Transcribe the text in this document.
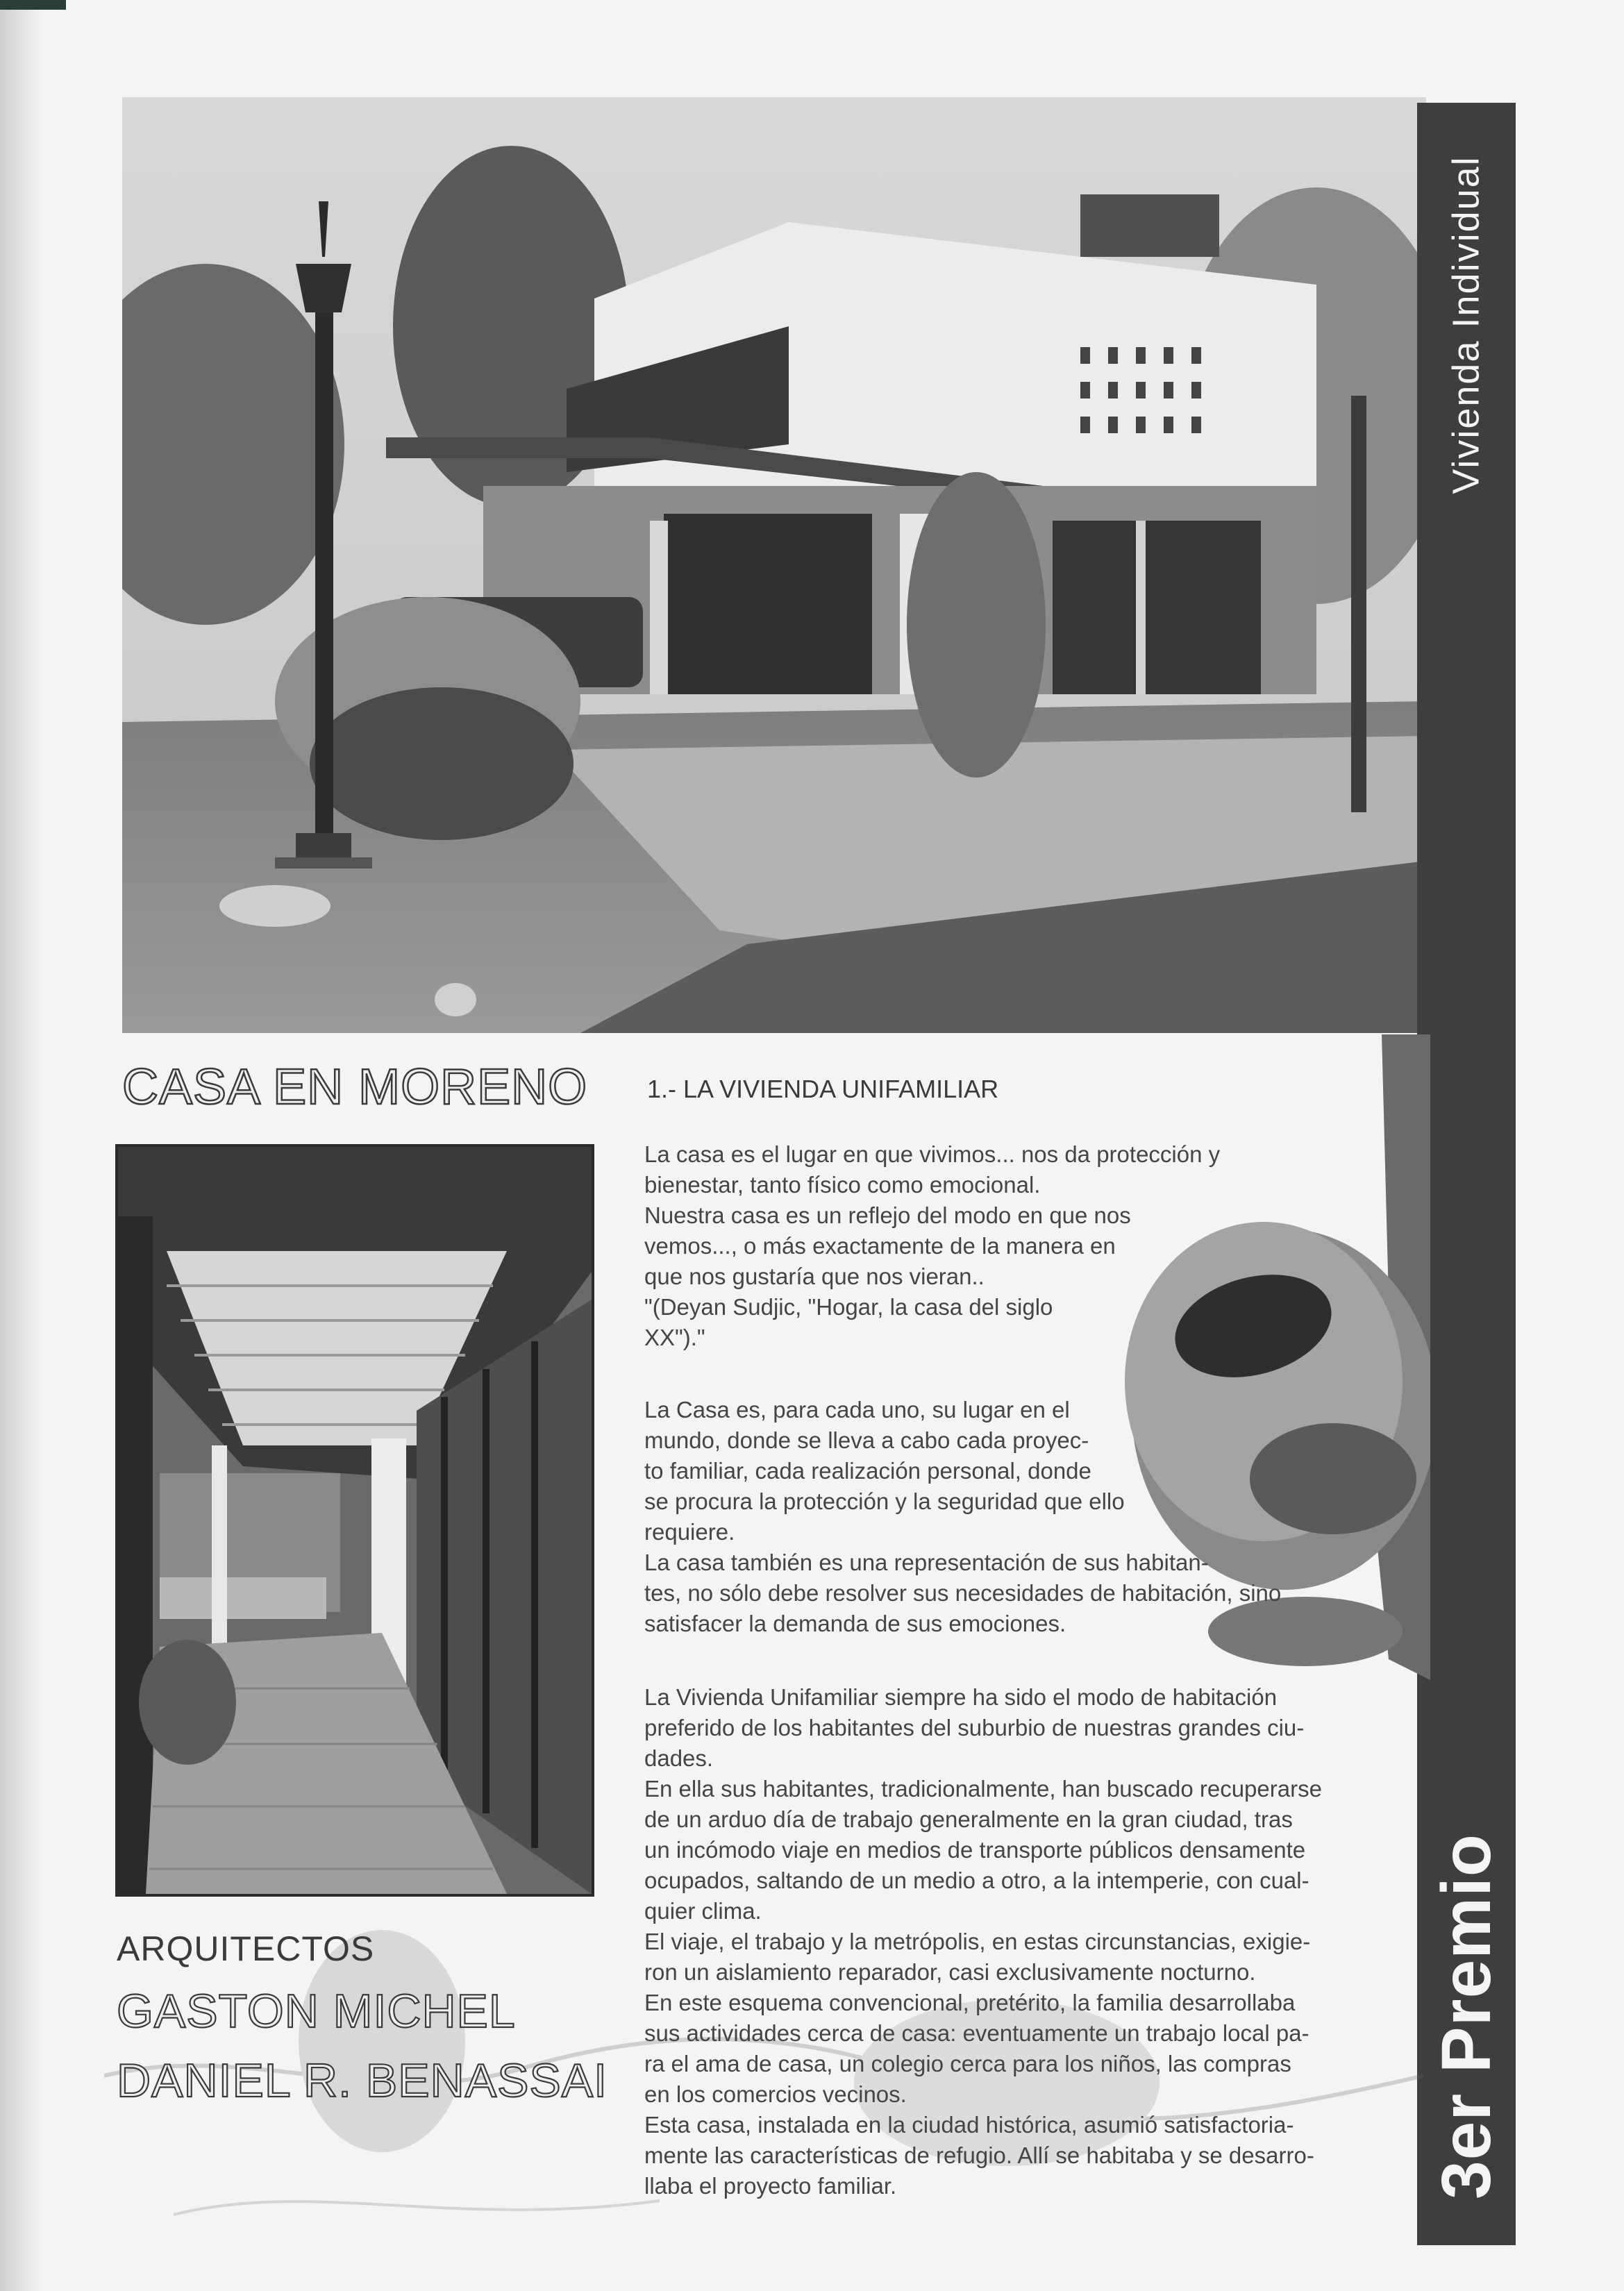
Vivienda Individual
3er Premio
CASA EN MORENO
ARQUITECTOS
GASTON MICHEL
DANIEL R. BENASSAI
1.- LA VIVIENDA UNIFAMILIAR
La casa es el lugar en que vivimos... nos da protección y
bienestar, tanto físico como emocional.
Nuestra casa es un reflejo del modo en que nos
vemos..., o más exactamente de la manera en
que nos gustaría que nos vieran..
"(Deyan Sudjic, "Hogar, la casa del siglo
XX")."
La Casa es, para cada uno, su lugar en el
mundo, donde se lleva a cabo cada proyec-
to familiar, cada realización personal, donde
se procura la protección y la seguridad que ello
requiere.
La casa también es una representación de sus habitan-
tes, no sólo debe resolver sus necesidades de habitación, sino
satisfacer la demanda de sus emociones.
La Vivienda Unifamiliar siempre ha sido el modo de habitación
preferido de los habitantes del suburbio de nuestras grandes ciu-
dades.
En ella sus habitantes, tradicionalmente, han buscado recuperarse
de un arduo día de trabajo generalmente en la gran ciudad, tras
un incómodo viaje en medios de transporte públicos densamente
ocupados, saltando de un medio a otro, a la intemperie, con cual-
quier clima.
El viaje, el trabajo y la metrópolis, en estas circunstancias, exigie-
ron un aislamiento reparador, casi exclusivamente nocturno.
En este esquema convencional, pretérito, la familia desarrollaba
sus actividades cerca de casa: eventuamente un trabajo local pa-
ra el ama de casa, un colegio cerca para los niños, las compras
en los comercios vecinos.
Esta casa, instalada en la ciudad histórica, asumió satisfactoria-
mente las características de refugio. Allí se habitaba y se desarro-
llaba el proyecto familiar.
